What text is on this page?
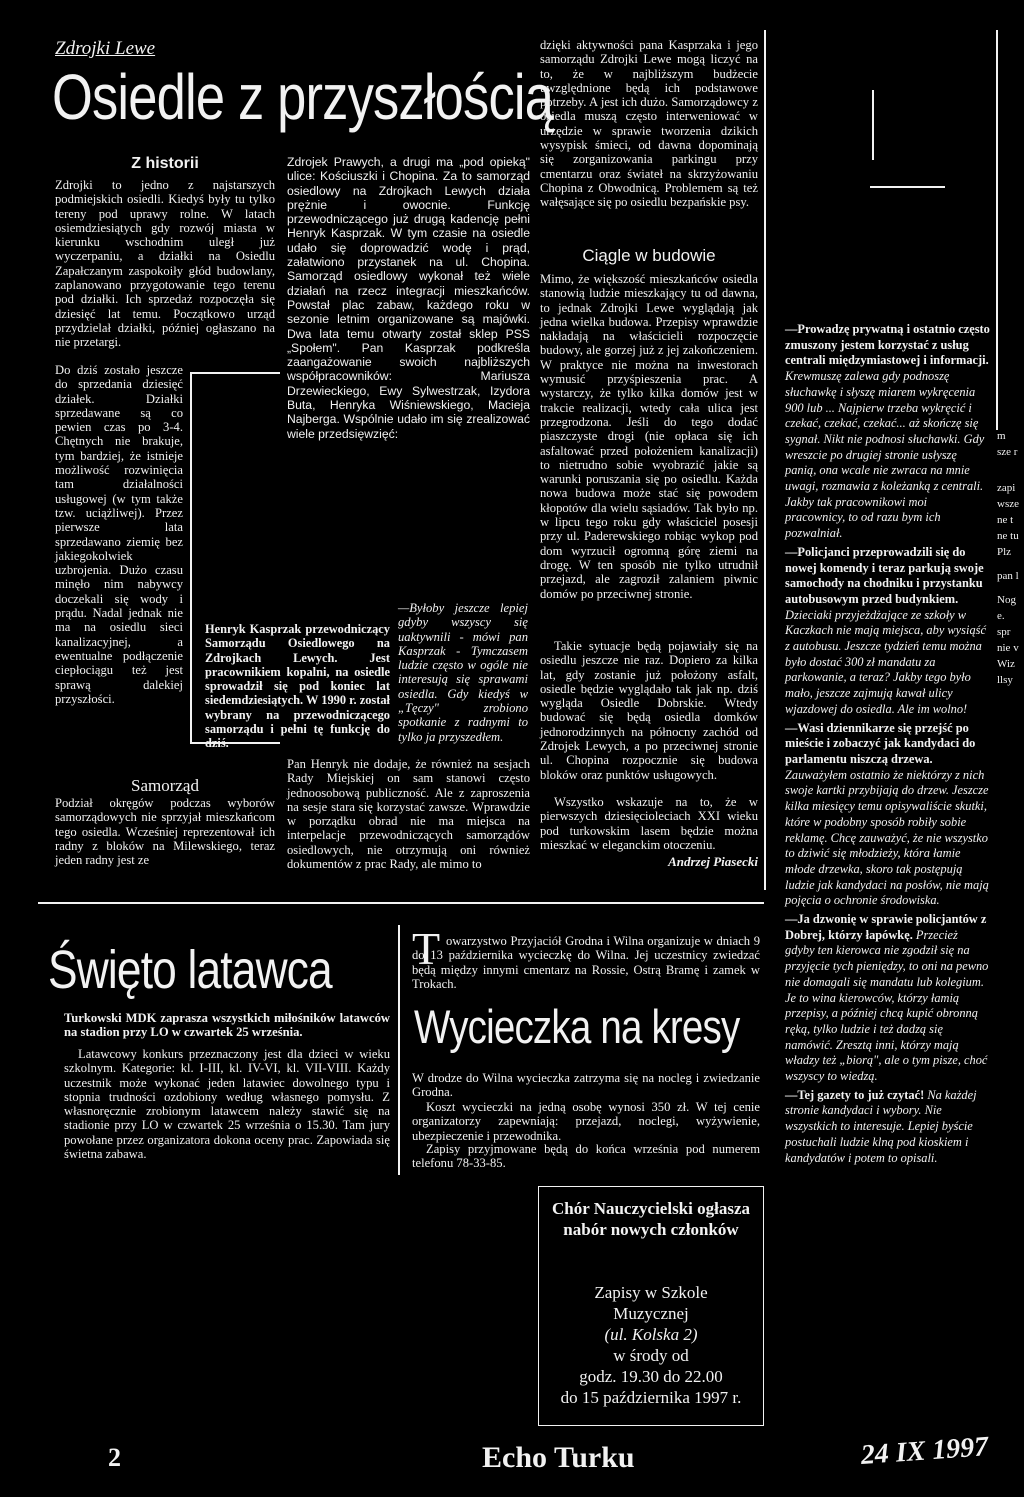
Zdrojki Lewe
Osiedle z przyszłością
Z historii

Zdrojki to jedno z najstarszych podmiejskich osiedli. Kiedyś były tu tylko tereny pod uprawy rolne. W latach osiemdziesiątych gdy rozwój miasta w kierunku wschodnim uległ już wyczerpaniu, a działki na Osiedlu Zapałczanym zaspokoiły głód budowlany, zaplanowano przygotowanie tego terenu pod działki. Ich sprzedaż rozpoczęła się dziesięć lat temu. Początkowo urząd przydzielał działki, później ogłaszano na nie przetargi.

Do dziś zostało jeszcze do sprzedania dziesięć działek. Działki sprzedawane są co pewien czas po 3-4. Chętnych nie brakuje, tym bardziej, że istnieje możliwość rozwinięcia tam działalności usługowej (w tym także tzw. uciążliwej). Przez pierwsze lata sprzedawano ziemię bez jakiegokolwiek uzbrojenia. Dużo czasu minęło nim nabywcy doczekali się wody i prądu. Nadal jednak nie ma na osiedlu sieci kanalizacyjnej, a ewentualne podłączenie ciepłociągu też jest sprawą dalekiej przyszłości.

Samorząd

Podział okręgów podczas wyborów samorządowych nie sprzyjał mieszkańcom tego osiedla. Wcześniej reprezentował ich radny z bloków na Milewskiego, teraz jeden radny jest ze

Zdrojek Prawych, a drugi ma „pod opieką" ulice: Kościuszki i Chopina. Za to samorząd osiedlowy na Zdrojkach Lewych działa prężnie i owocnie. Funkcję przewodniczącego już drugą kadencję pełni Henryk Kasprzak. W tym czasie na osiedle udało się doprowadzić wodę i prąd, załatwiono przystanek na ul. Chopina. Samorząd osiedlowy wykonał też wiele działań na rzecz integracji mieszkańców. Powstał plac zabaw, każdego roku w sezonie letnim organizowane są majówki. Dwa lata temu otwarty został sklep PSS „Społem". Pan Kasprzak podkreśla zaangażowanie swoich najbliższych współpracowników: Mariusza Drzewieckiego, Ewy Sylwestrzak, Izydora Buta, Henryka Wiśniewskiego, Macieja Najberga. Wspólnie udało im się zrealizować wiele przedsięwzięć:

—Byłoby jeszcze lepiej gdyby wszyscy się uaktywnili - mówi pan Kasprzak - Tymczasem ludzie często w ogóle nie interesują się sprawami osiedla. Gdy kiedyś w „Tęczy" zrobiono spotkanie z radnymi to tylko ja przyszedłem.

Henryk Kasprzak przewodniczący Samorządu Osiedlowego na Zdrojkach Lewych. Jest pracownikiem kopalni, na osiedle sprowadził się pod koniec lat siedemdziesiątych. W 1990 r. został wybrany na przewodniczącego samorządu i pełni tę funkcję do dziś.

Pan Henryk nie dodaje, że również na sesjach Rady Miejskiej on sam stanowi często jednoosobową publiczność. Ale z zaproszenia na sesje stara się korzystać zawsze. Wprawdzie w porządku obrad nie ma miejsca na interpelacje przewodniczących samorządów osiedlowych, nie otrzymują oni również dokumentów z prac Rady, ale mimo to

dzięki aktywności pana Kasprzaka i jego samorządu Zdrojki Lewe mogą liczyć na to, że w najbliższym budżecie uwzględnione będą ich podstawowe potrzeby. A jest ich dużo. Samorządowcy z osiedla muszą często interweniować w urzędzie w sprawie tworzenia dzikich wysypisk śmieci, od dawna dopominają się zorganizowania parkingu przy cmentarzu oraz świateł na skrzyżowaniu Chopina z Obwodnicą. Problemem są też wałęsające się po osiedlu bezpańskie psy.

Ciągle w budowie

Mimo, że większość mieszkańców osiedla stanowią ludzie mieszkający tu od dawna, to jednak Zdrojki Lewe wyglądają jak jedna wielka budowa. Przepisy wprawdzie nakładają na właścicieli rozpoczęcie budowy, ale gorzej już z jej zakończeniem. W praktyce nie można na inwestorach wymusić przyśpieszenia prac. A wystarczy, że tylko kilka domów jest w trakcie realizacji, wtedy cała ulica jest przegrodzona. Jeśli do tego dodać piaszczyste drogi (nie opłaca się ich asfaltować przed położeniem kanalizacji) to nietrudno sobie wyobrazić jakie są warunki poruszania się po osiedlu. Każda nowa budowa może stać się powodem kłopotów dla wielu sąsiadów. Tak było np. w lipcu tego roku gdy właściciel posesji przy ul. Paderewskiego robiąc wykop pod dom wyrzucił ogromną górę ziemi na drogę. W ten sposób nie tylko utrudnił przejazd, ale zagroził zalaniem piwnic domów po przeciwnej stronie.

Takie sytuacje będą pojawiały się na osiedlu jeszcze nie raz. Dopiero za kilka lat, gdy zostanie już położony asfalt, osiedle będzie wyglądało tak jak np. dziś wygląda Osiedle Dobrskie. Wtedy budować się będą osiedla domków jednorodzinnych na północny zachód od Zdrojek Lewych, a po przeciwnej stronie ul. Chopina rozpocznie się budowa bloków oraz punktów usługowych.

Wszystko wskazuje na to, że w pierwszych dziesięcioleciach XXI wieku pod turkowskim lasem będzie można mieszkać w eleganckim otoczeniu.

Andrzej Piasecki

—Prowadzę prywatną i ostatnio często zmuszony jestem korzystać z usług centrali międzymiastowej i informacji. Krewmuszę zalewa gdy podnoszę słuchawkę i słyszę miarem wykręcenia 900 lub ... Najpierw trzeba wykręcić i czekać, czekać, czekać... aż skończę się sygnał. Nikt nie podnosi słuchawki. Gdy wreszcie po drugiej stronie usłyszę panią, ona wcale nie zwraca na mnie uwagi, rozmawia z koleżanką z centrali. Jakby tak pracownikowi moi pracownicy, to od razu bym ich pozwalniał.

—Policjanci przeprowadzili się do nowej komendy i teraz parkują swoje samochody na chodniku i przystanku autobusowym przed budynkiem. Dzieciaki przyjeżdżające ze szkoły w Kaczkach nie mają miejsca, aby wysiąść z autobusu. Jeszcze tydzień temu można było dostać 300 zł mandatu za parkowanie, a teraz? Jakby tego było mało, jeszcze zajmują kawał ulicy wjazdowej do osiedla. Ale im wolno!

—Wasi dziennikarze się przejść po mieście i zobaczyć jak kandydaci do parlamentu niszczą drzewa. Zauważyłem ostatnio że niektórzy z nich swoje kartki przybijają do drzew. Jeszcze kilka miesięcy temu opisywaliście skutki, które w podobny sposób robiły sobie reklamę. Chcę zauważyć, że nie wszystko to dziwić się młodzieży, która łamie młode drzewka, skoro tak postępują ludzie jak kandydaci na posłów, nie mają pojęcia o ochronie środowiska.

—Ja dzwonię w sprawie policjantów z Dobrej, którzy łapówkę. Przecież gdyby ten kierowca nie zgodził się na przyjęcie tych pieniędzy, to oni na pewno nie domagali się mandatu lub kolegium. Je to wina kierowców, którzy łamią przepisy, a później chcą kupić obronną ręką, tylko ludzie i też dadzą się namówić. Zresztą inni, którzy mają władzy też „biorą", ale o tym pisze, choć wszyscy to wiedzą.

—Tej gazety to już czytać! Na każdej stronie kandydaci i wybory. Nie wszystkich to interesuje. Lepiej byście postuchali ludzie klną pod kioskiem i kandydatów i potem to opisali.

m
sze r
zapi
wsze
ne t
ne tu
Plz
pan l
Nog
e.
spr
nie v
Wiz
llsy
Święto latawca

Turkowski MDK zaprasza wszystkich miłośników latawców na stadion przy LO w czwartek 25 września.

Latawcowy konkurs przeznaczony jest dla dzieci w wieku szkolnym. Kategorie: kl. I-III, kl. IV-VI, kl. VII-VIII. Każdy uczestnik może wykonać jeden latawiec dowolnego typu i stopnia trudności ozdobiony według własnego pomysłu. Z własnoręcznie zrobionym latawcem należy stawić się na stadionie przy LO w czwartek 25 września o 15.30. Tam jury powołane przez organizatora dokona oceny prac. Zapowiada się świetna zabawa.

T owarzystwo Przyjaciół Grodna i Wilna organizuje w dniach 9 do 13 października wycieczkę do Wilna. Jej uczestnicy zwiedzać będą między innymi cmentarz na Rossie, Ostrą Bramę i zamek w Trokach.

Wycieczka na kresy

W drodze do Wilna wycieczka zatrzyma się na nocleg i zwiedzanie Grodna.

Koszt wycieczki na jedną osobę wynosi 350 zł. W tej cenie organizatorzy zapewniają: przejazd, noclegi, wyżywienie, ubezpieczenie i przewodnika.

Zapisy przyjmowane będą do końca września pod numerem telefonu 78-33-85.

Chór Nauczycielski ogłasza nabór nowych członków
Zapisy w Szkole
Muzycznej
(ul. Kolska 2)
w środy od
godz. 19.30 do 22.00
do 15 października 1997 r.
2	Echo Turku	24 IX 1997
